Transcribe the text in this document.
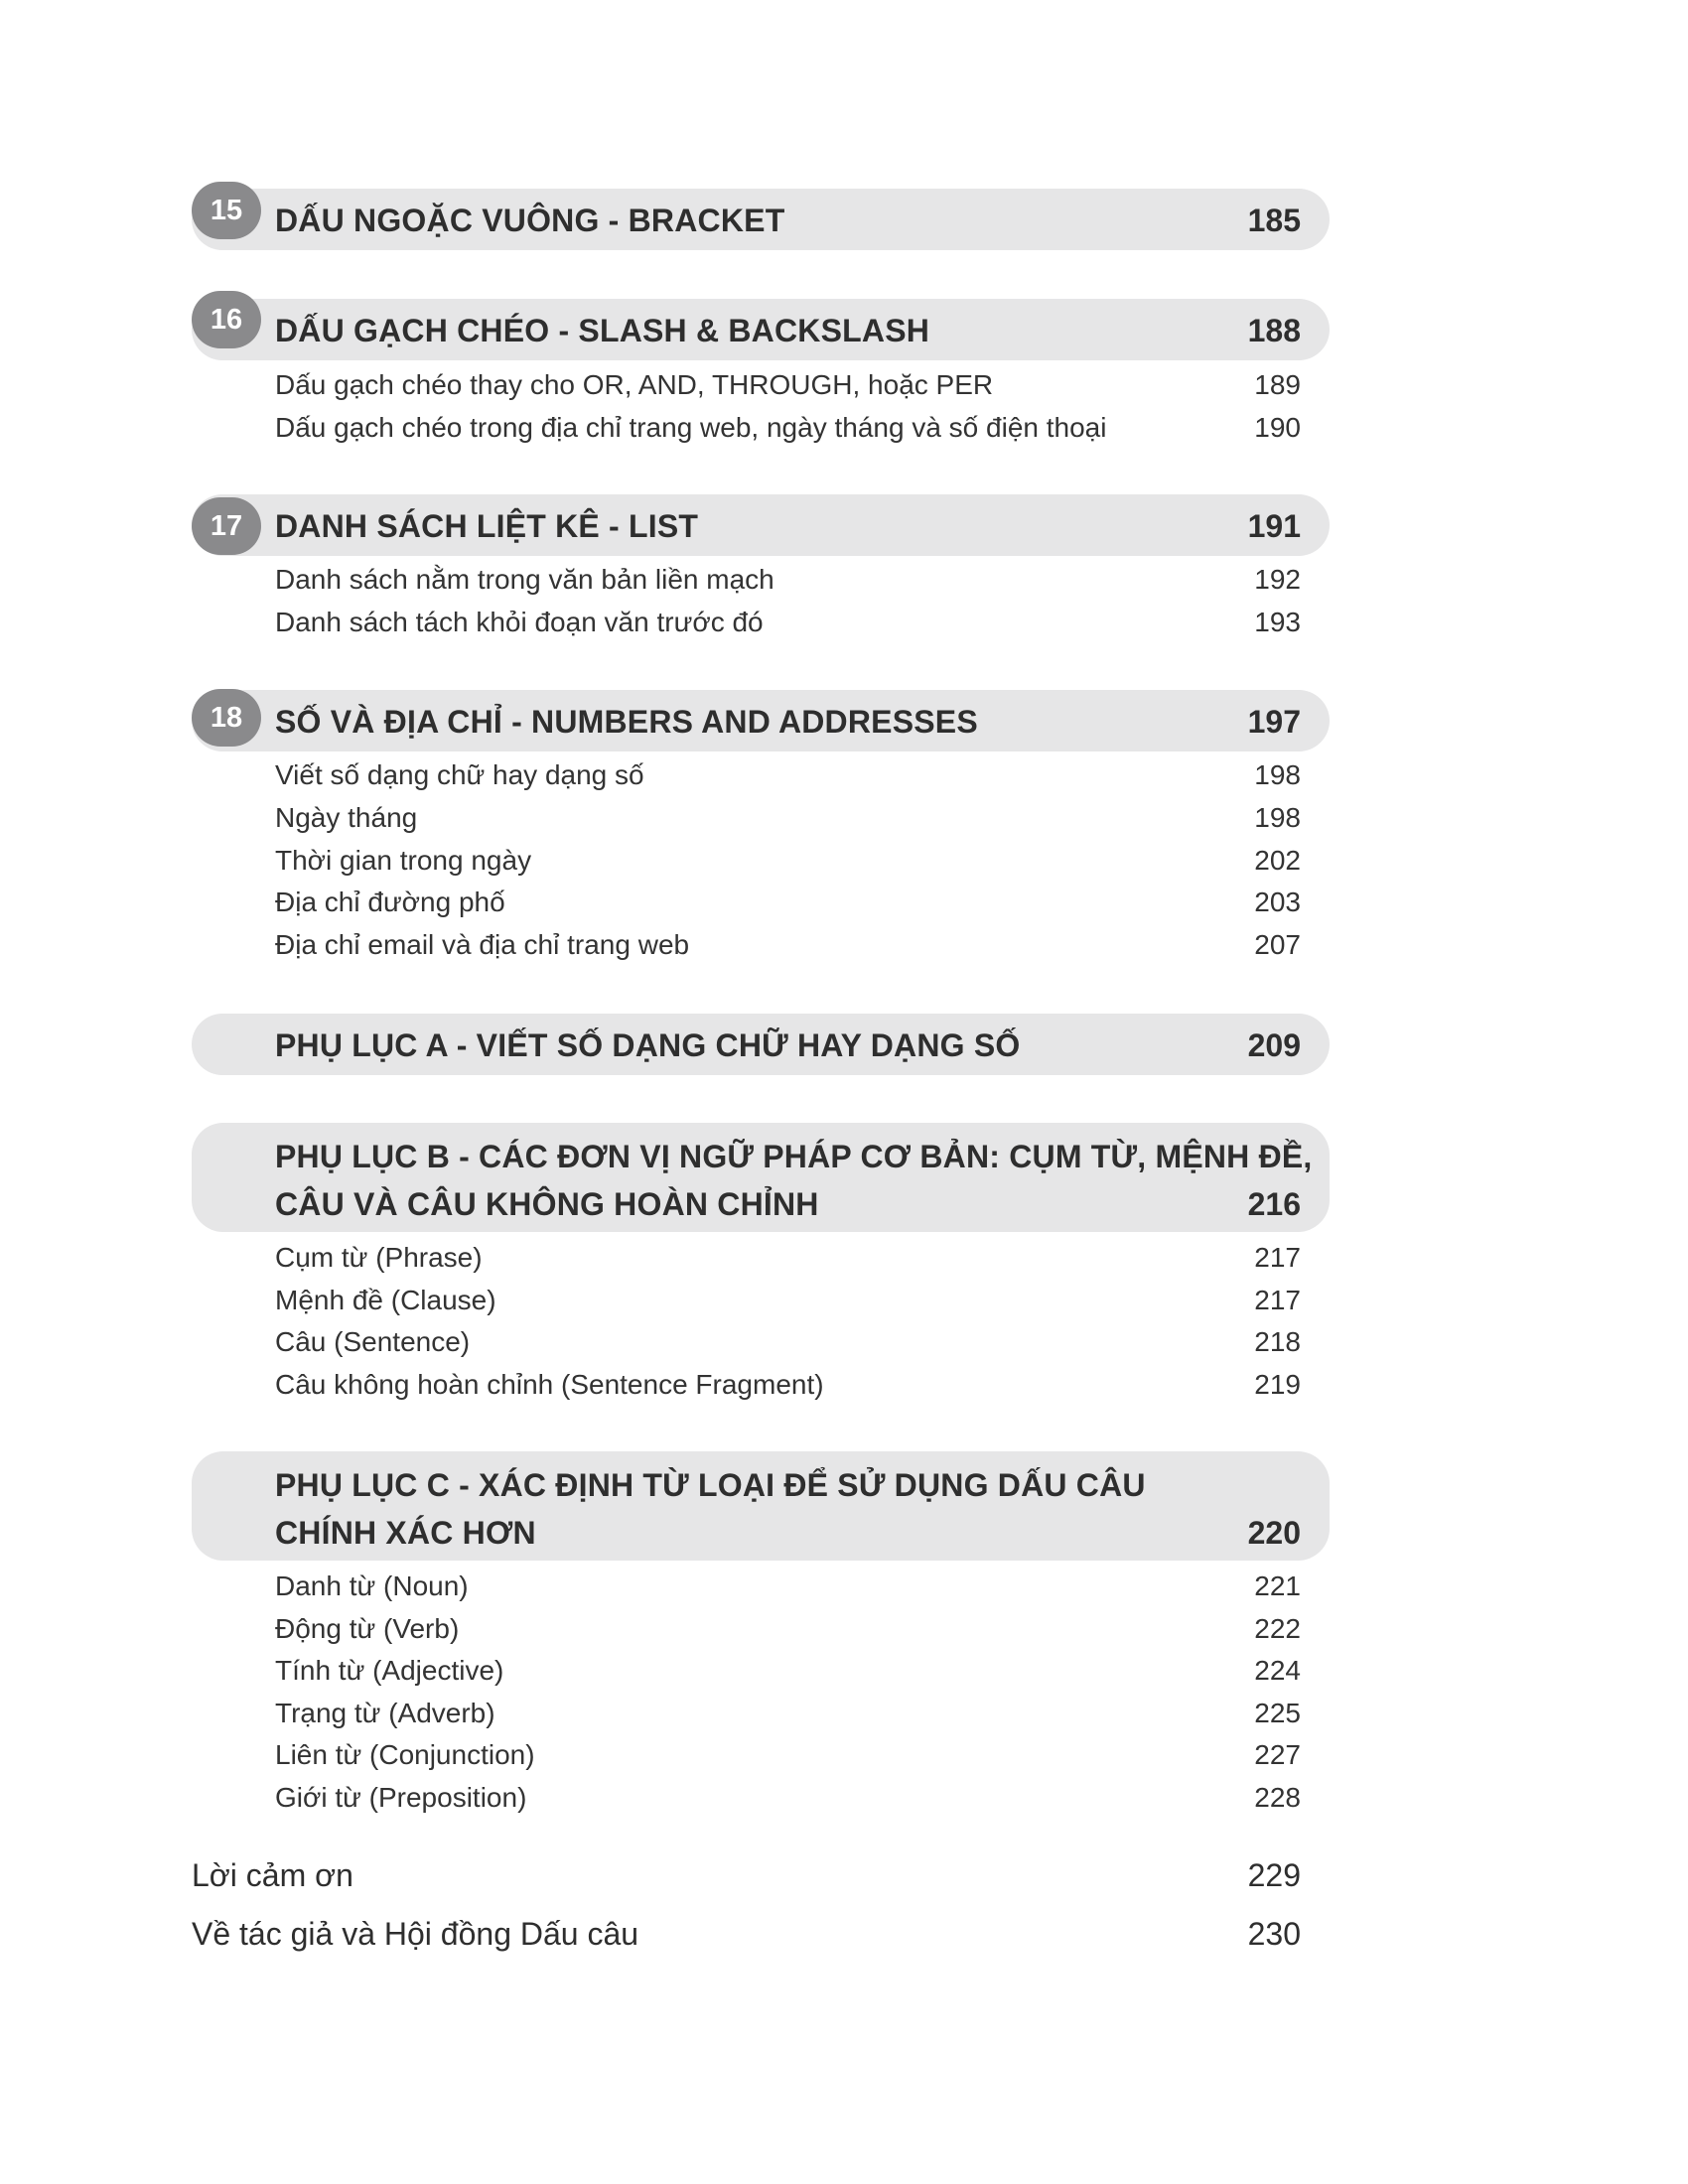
15	DẤU NGOẶC VUÔNG - BRACKET	185
16	DẤU GẠCH CHÉO - SLASH & BACKSLASH	188
Dấu gạch chéo thay cho OR, AND, THROUGH, hoặc PER	189
Dấu gạch chéo trong địa chỉ trang web, ngày tháng và số điện thoại	190
17	DANH SÁCH LIỆT KÊ - LIST	191
Danh sách nằm trong văn bản liền mạch	192
Danh sách tách khỏi đoạn văn trước đó	193
18	SỐ VÀ ĐỊA CHỈ - NUMBERS AND ADDRESSES	197
Viết số dạng chữ hay dạng số	198
Ngày tháng	198
Thời gian trong ngày	202
Địa chỉ đường phố	203
Địa chỉ email và địa chỉ trang web	207
PHỤ LỤC A - VIẾT SỐ DẠNG CHỮ HAY DẠNG SỐ	209
PHỤ LỤC B - CÁC ĐƠN VỊ NGỮ PHÁP CƠ BẢN: CỤM TỪ, MỆNH ĐỀ,
CÂU VÀ CÂU KHÔNG HOÀN CHỈNH	216
Cụm từ (Phrase)	217
Mệnh đề (Clause)	217
Câu (Sentence)	218
Câu không hoàn chỉnh (Sentence Fragment)	219
PHỤ LỤC C - XÁC ĐỊNH TỪ LOẠI ĐỂ SỬ DỤNG DẤU CÂU
CHÍNH XÁC HƠN	220
Danh từ (Noun)	221
Động từ (Verb)	222
Tính từ (Adjective)	224
Trạng từ (Adverb)	225
Liên từ (Conjunction)	227
Giới từ (Preposition)	228
Lời cảm ơn	229
Về tác giả và Hội đồng Dấu câu	230
